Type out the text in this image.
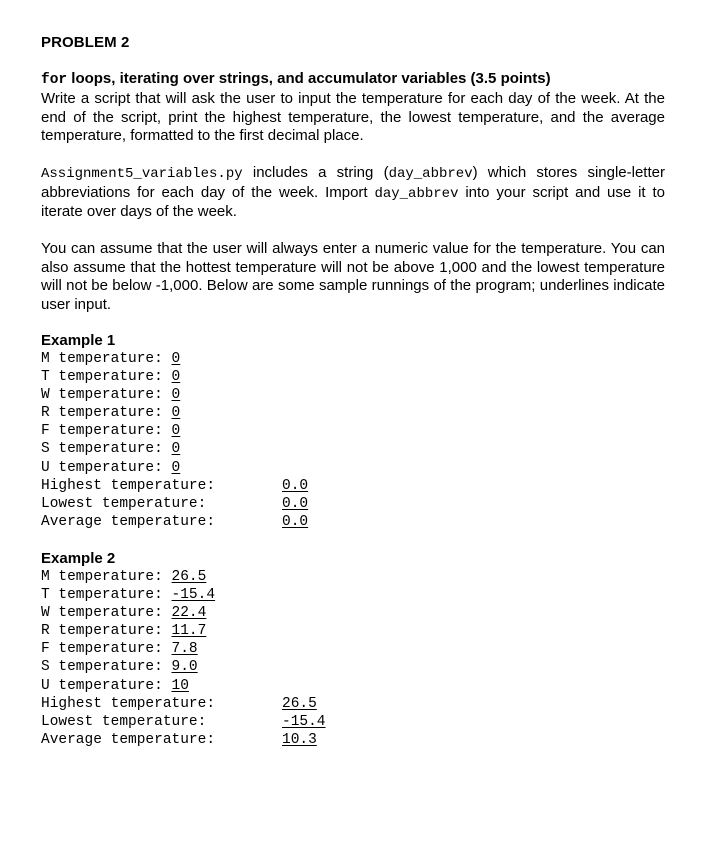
PROBLEM 2
for loops, iterating over strings, and accumulator variables (3.5 points)
Write a script that will ask the user to input the temperature for each day of the week. At the end of the script, print the highest temperature, the lowest temperature, and the average temperature, formatted to the first decimal place.
Assignment5_variables.py includes a string (day_abbrev) which stores single-letter abbreviations for each day of the week. Import day_abbrev into your script and use it to iterate over days of the week.
You can assume that the user will always enter a numeric value for the temperature. You can also assume that the hottest temperature will not be above 1,000 and the lowest temperature will not be below -1,000. Below are some sample runnings of the program; underlines indicate user input.
Example 1
M temperature: 0
T temperature: 0
W temperature: 0
R temperature: 0
F temperature: 0
S temperature: 0
U temperature: 0
Highest temperature:	0.0
Lowest temperature:	0.0
Average temperature:	0.0
Example 2
M temperature: 26.5
T temperature: -15.4
W temperature: 22.4
R temperature: 11.7
F temperature: 7.8
S temperature: 9.0
U temperature: 10
Highest temperature:	26.5
Lowest temperature:	-15.4
Average temperature:	10.3
